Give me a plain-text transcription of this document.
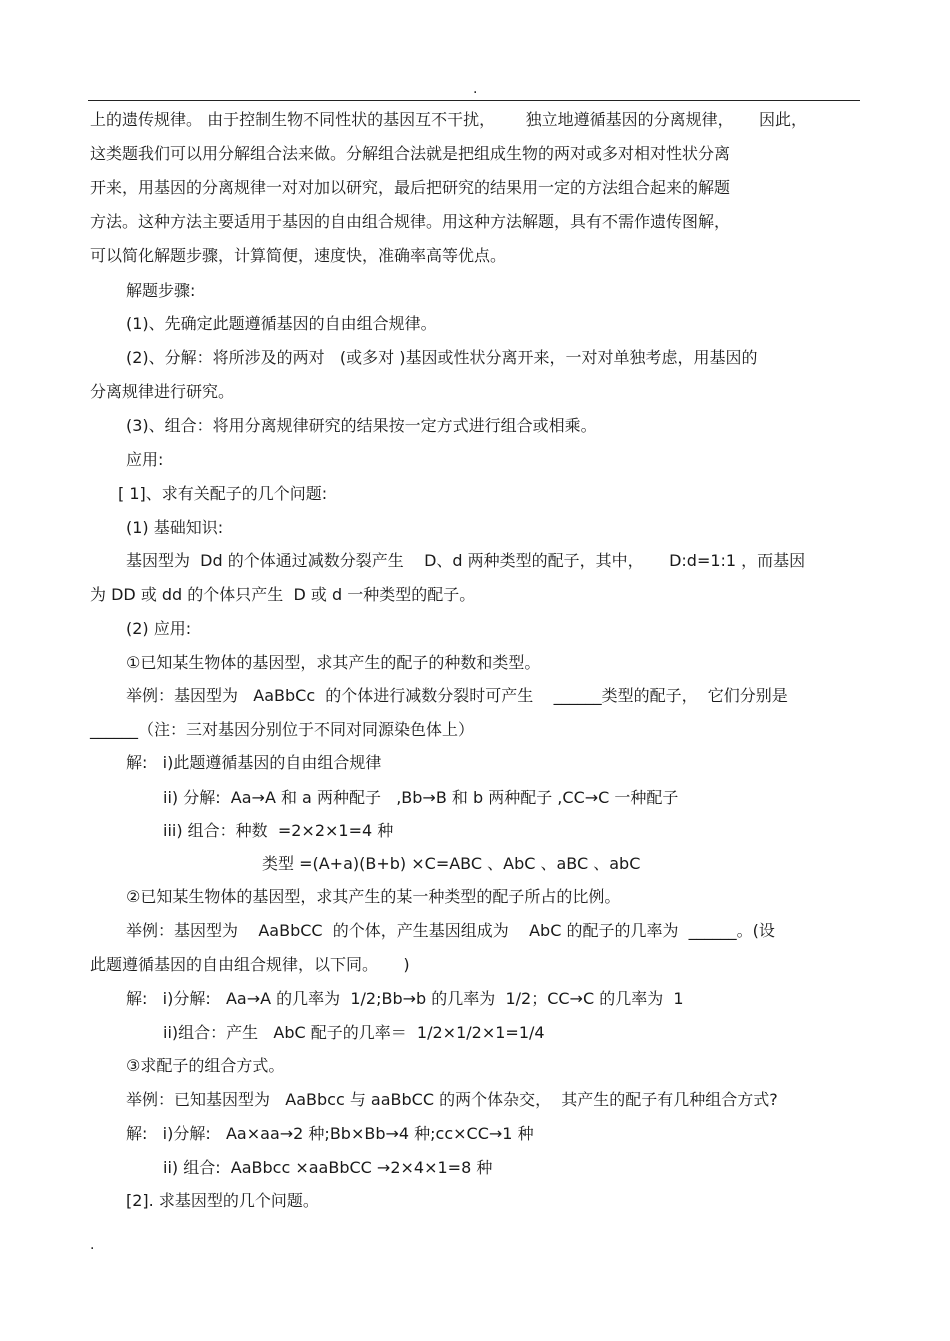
.
上的遗传规律。 由于控制生物不同性状的基因互不干扰，      独立地遵循基因的分离规律，     因此，
这类题我们可以用分解组合法来做。分解组合法就是把组成生物的两对或多对相对性状分离
开来，用基因的分离规律一对对加以研究，最后把研究的结果用一定的方法组合起来的解题
方法。这种方法主要适用于基因的自由组合规律。用这种方法解题，具有不需作遗传图解，
可以简化解题步骤，计算简便，速度快，准确率高等优点。
解题步骤:
(1)、先确定此题遵循基因的自由组合规律。
(2)、分解：将所涉及的两对   (或多对 )基因或性状分离开来，一对对单独考虑，用基因的
分离规律进行研究。
(3)、组合：将用分离规律研究的结果按一定方式进行组合或相乘。
应用:
[ 1]、求有关配子的几个问题:
(1) 基础知识:
基因型为  Dd 的个体通过减数分裂产生    D、d 两种类型的配子，其中，     D:d=1:1 ，而基因
为 DD 或 dd 的个体只产生  D 或 d 一种类型的配子。
(2) 应用:
①已知某生物体的基因型，求其产生的配子的种数和类型。
举例：基因型为   AaBbCc  的个体进行减数分裂时可产生    ______类型的配子，  它们分别是
______（注：三对基因分别位于不同对同源染色体上）
解:   i)此题遵循基因的自由组合规律
ii) 分解:  Aa→A 和 a 两种配子   ,Bb→B 和 b 两种配子 ,CC→C 一种配子
iii) 组合：种数  =2×2×1=4 种
类型 =(A+a)(B+b) ×C=ABC 、AbC 、aBC 、abC
②已知某生物体的基因型，求其产生的某一种类型的配子所占的比例。
举例：基因型为    AaBbCC  的个体，产生基因组成为    AbC 的配子的几率为  ______。(设
此题遵循基因的自由组合规律，以下同。     )
解:   i)分解:   Aa→A 的几率为  1/2;Bb→b 的几率为  1/2；CC→C 的几率为  1
ii)组合：产生   AbC 配子的几率＝  1/2×1/2×1=1/4
③求配子的组合方式。
举例：已知基因型为   AaBbcc 与 aaBbCC 的两个体杂交，  其产生的配子有几种组合方式?
解:   i)分解:   Aa×aa→2 种;Bb×Bb→4 种;cc×CC→1 种
ii) 组合:  AaBbcc ×aaBbCC →2×4×1=8 种
[2]. 求基因型的几个问题。
.
